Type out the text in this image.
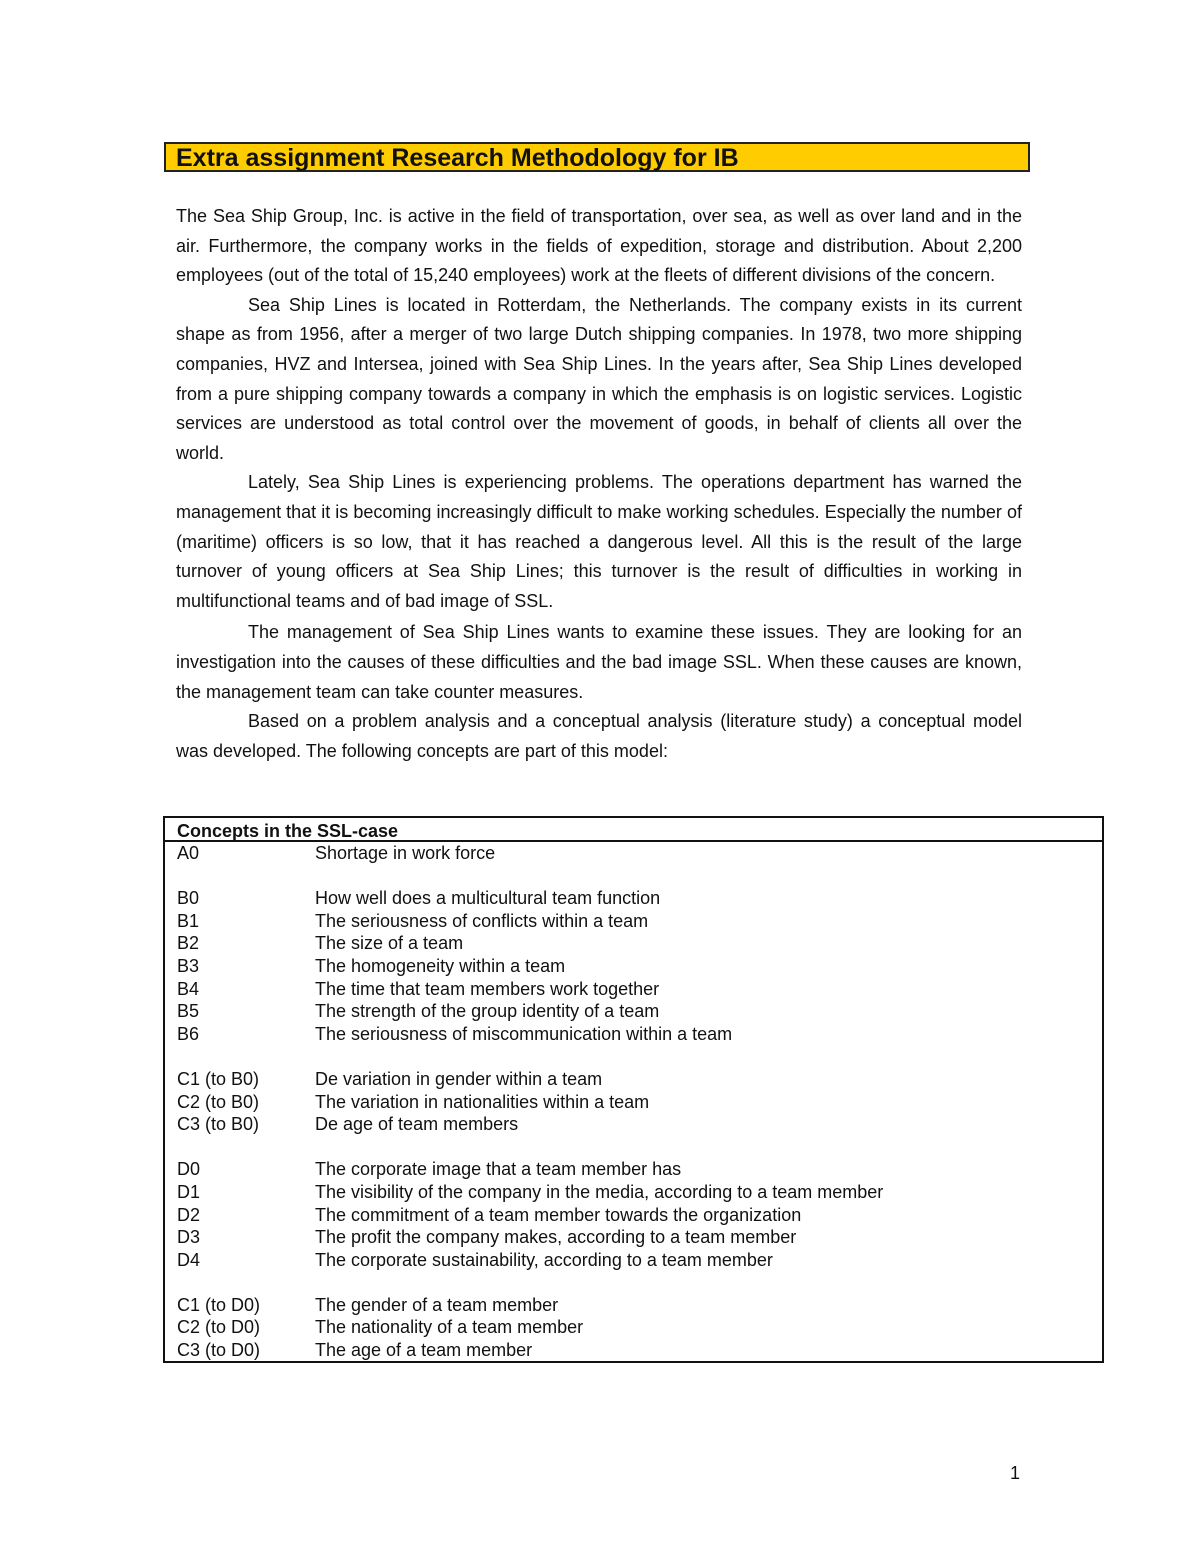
Extra assignment Research Methodology for IB

The Sea Ship Group, Inc. is active in the field of transportation, over sea, as well as over land and in the air. Furthermore, the company works in the fields of expedition, storage and distribution. About 2,200 employees (out of the total of 15,240 employees) work at the fleets of different divisions of the concern.

Sea Ship Lines is located in Rotterdam, the Netherlands. The company exists in its current shape as from 1956, after a merger of two large Dutch shipping companies. In 1978, two more shipping companies, HVZ and Intersea, joined with Sea Ship Lines. In the years after, Sea Ship Lines developed from a pure shipping company towards a company in which the emphasis is on logistic services. Logistic services are understood as total control over the movement of goods, in behalf of clients all over the world.

Lately, Sea Ship Lines is experiencing problems. The operations department has warned the management that it is becoming increasingly difficult to make working schedules. Especially the number of (maritime) officers is so low, that it has reached a dangerous level. All this is the result of the large turnover of young officers at Sea Ship Lines; this turnover is the result of difficulties in working in multifunctional teams and of bad image of SSL.

The management of Sea Ship Lines wants to examine these issues. They are looking for an investigation into the causes of these difficulties and the bad image SSL. When these causes are known, the management team can take counter measures.

Based on a problem analysis and a conceptual analysis (literature study) a conceptual model was developed. The following concepts are part of this model:

Concepts in the SSL-case
A0	Shortage in work force
B0	How well does a multicultural team function
B1	The seriousness of conflicts within a team
B2	The size of a team
B3	The homogeneity within a team
B4	The time that team members work together
B5	The strength of the group identity of a team
B6	The seriousness of miscommunication within a team
C1 (to B0)	De variation in gender within a team
C2 (to B0)	The variation in nationalities within a team
C3 (to B0)	De age of team members
D0	The corporate image that a team member has
D1	The visibility of the company in the media, according to a team member
D2	The commitment of a team member towards the organization
D3	The profit the company makes, according to a team member
D4	The corporate sustainability, according to a team member
C1 (to D0)	The gender of a team member
C2 (to D0)	The nationality of a team member
C3 (to D0)	The age of a team member
1
